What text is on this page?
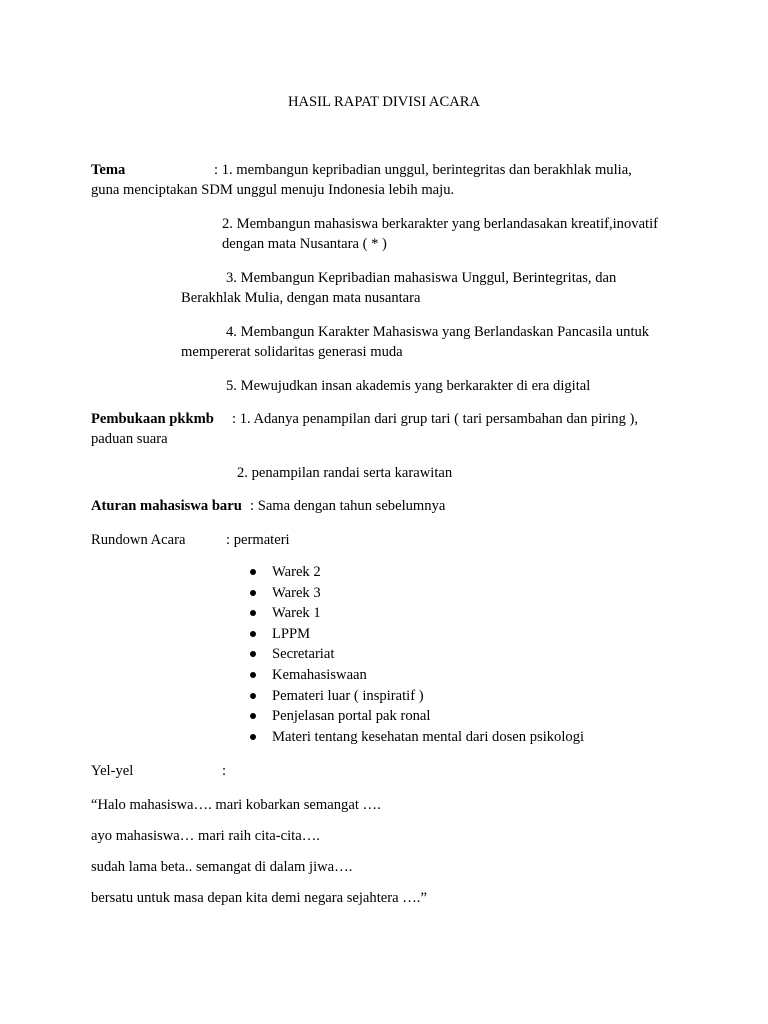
HASIL RAPAT DIVISI ACARA
Tema	: 1. membangun kepribadian unggul, berintegritas dan berakhlak mulia,
guna menciptakan SDM unggul menuju Indonesia lebih maju.
2. Membangun mahasiswa berkarakter yang berlandasakan kreatif,inovatif
dengan mata Nusantara ( * )
3. Membangun Kepribadian mahasiswa Unggul, Berintegritas, dan
Berakhlak Mulia, dengan mata nusantara
4. Membangun Karakter Mahasiswa yang Berlandaskan Pancasila untuk
mempererat solidaritas generasi muda
5. Mewujudkan insan akademis yang berkarakter di era digital
Pembukaan pkkmb : 1. Adanya penampilan dari grup tari ( tari persambahan dan piring ),
paduan suara
2. penampilan randai serta karawitan
Aturan mahasiswa baru : Sama dengan tahun sebelumnya
Rundown Acara	: permateri
Warek 2
Warek 3
Warek 1
LPPM
Secretariat
Kemahasiswaan
Pemateri luar ( inspiratif )
Penjelasan portal pak ronal
Materi tentang kesehatan mental dari dosen psikologi
Yel-yel	:
“Halo mahasiswa…. mari kobarkan semangat ….
ayo mahasiswa… mari raih cita-cita….
sudah lama beta.. semangat di dalam jiwa….
bersatu untuk masa depan kita demi negara sejahtera ….”
